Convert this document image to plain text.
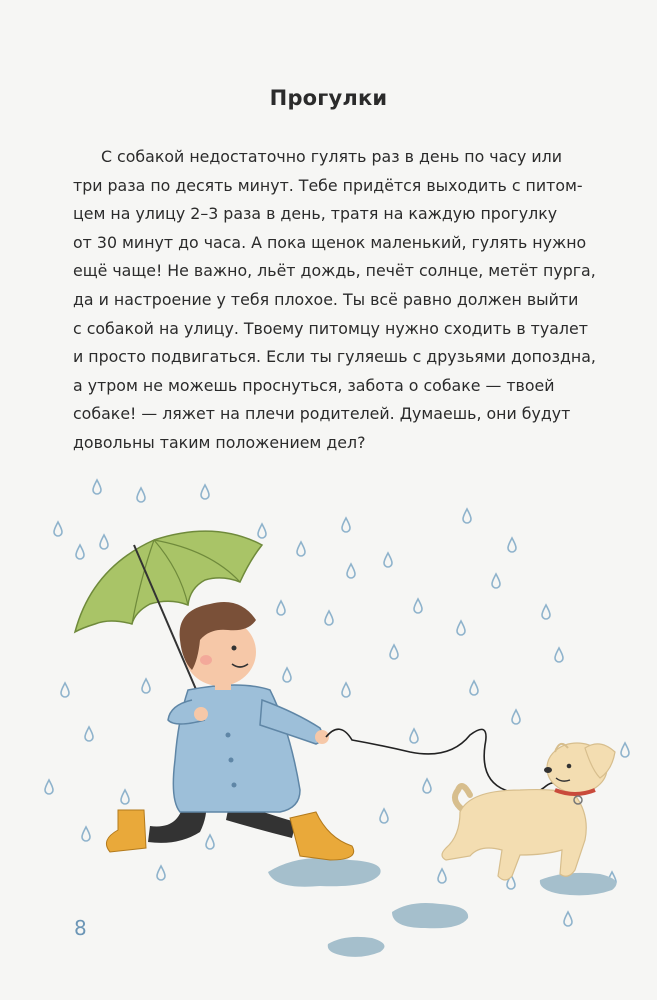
Прогулки

С собакой недостаточно гулять раз в день по часу или
три раза по десять минут. Тебе придётся выходить с питом-
цем на улицу 2–3 раза в день, тратя на каждую прогулку
от 30 минут до часа. А пока щенок маленький, гулять нужно
ещё чаще! Не важно, льёт дождь, печёт солнце, метёт пурга,
да и настроение у тебя плохое. Ты всё равно должен выйти
с собакой на улицу. Твоему питомцу нужно сходить в туалет
и просто подвигаться. Если ты гуляешь с друзьями допоздна,
а утром не можешь проснуться, забота о собаке — твоей
собаке! — ляжет на плечи родителей. Думаешь, они будут
довольны таким положением дел?

8
